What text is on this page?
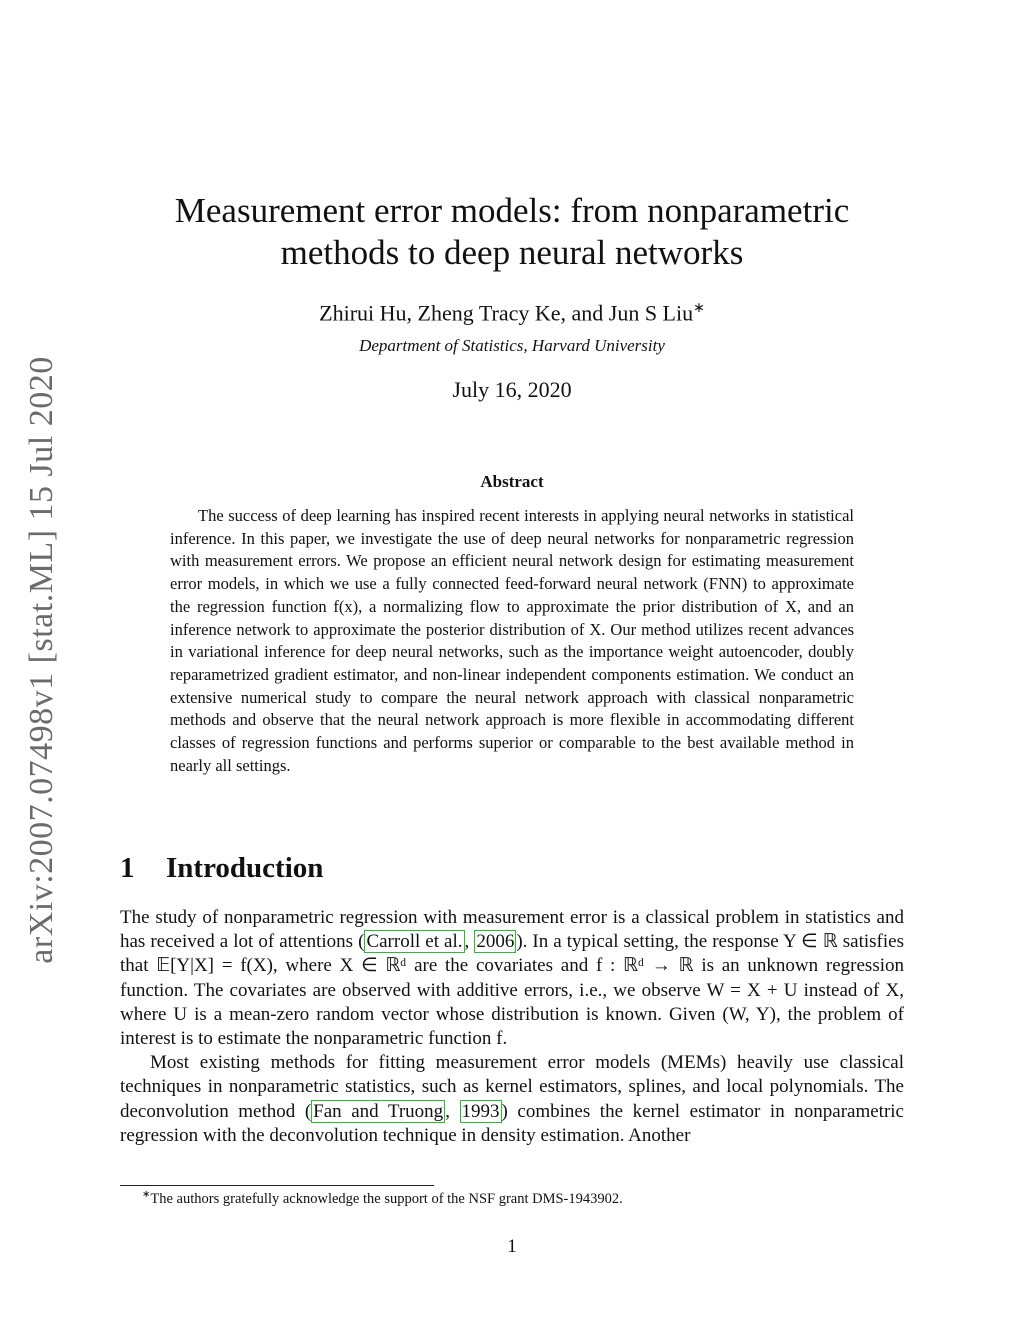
arXiv:2007.07498v1 [stat.ML] 15 Jul 2020
Measurement error models: from nonparametric
methods to deep neural networks
Zhirui Hu, Zheng Tracy Ke, and Jun S Liu∗
Department of Statistics, Harvard University
July 16, 2020
Abstract

The success of deep learning has inspired recent interests in applying neural networks in statistical inference. In this paper, we investigate the use of deep neural networks for nonparametric regression with measurement errors. We propose an efficient neural network design for estimating measurement error models, in which we use a fully connected feed-forward neural network (FNN) to approximate the regression function f(x), a normalizing flow to approximate the prior distribution of X, and an inference network to approximate the posterior distribution of X. Our method utilizes recent advances in variational inference for deep neural networks, such as the importance weight autoencoder, doubly reparametrized gradient estimator, and non-linear independent components estimation. We conduct an extensive numerical study to compare the neural network approach with classical nonparametric methods and observe that the neural network approach is more flexible in accommodating different classes of regression functions and performs superior or comparable to the best available method in nearly all settings.

1 Introduction

The study of nonparametric regression with measurement error is a classical problem in statistics and has received a lot of attentions ( Carroll et al. , 2006 ). In a typical setting, the response Y ∈ ℝ satisfies that 𝔼[Y|X] = f(X), where X ∈ ℝᵈ are the covariates and f : ℝᵈ → ℝ is an unknown regression function. The covariates are observed with additive errors, i.e., we observe W = X + U instead of X, where U is a mean-zero random vector whose distribution is known. Given (W, Y), the problem of interest is to estimate the nonparametric function f.

Most existing methods for fitting measurement error models (MEMs) heavily use classical techniques in nonparametric statistics, such as kernel estimators, splines, and local polynomials. The deconvolution method ( Fan and Truong , 1993 ) combines the kernel estimator in nonparametric regression with the deconvolution technique in density estimation. Another

∗The authors gratefully acknowledge the support of the NSF grant DMS-1943902.
1
